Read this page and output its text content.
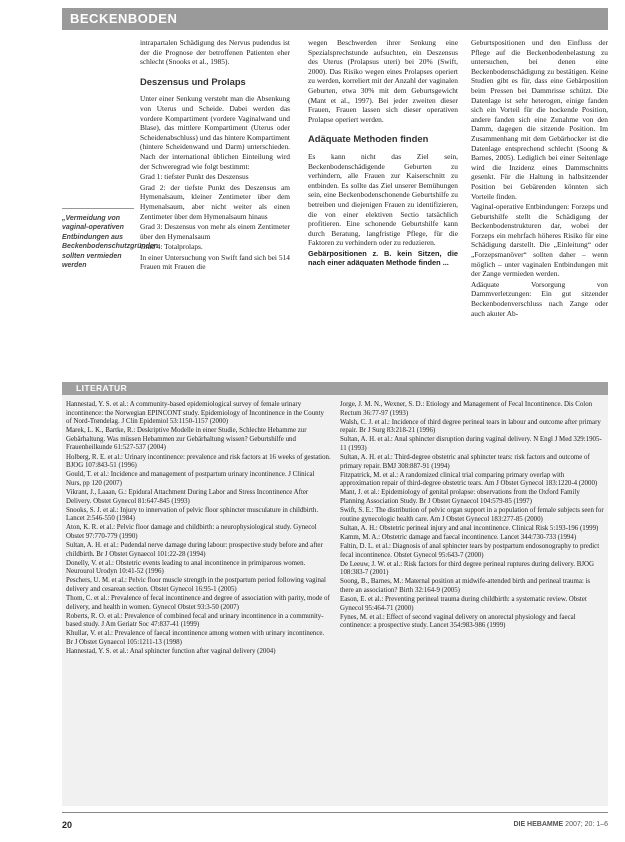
BECKENBODEN
„Vermeidung von vaginal-operativen Entbindungen aus Beckenbodenschutzgründen sollten vermieden werden

intrapartalen Schädigung des Nervus pudendus ist der die Prognose der betroffenen Patienten eher schlecht (Snooks et al., 1985).

Deszensus und Prolaps

Unter einer Senkung versteht man die Absenkung von Uterus und Scheide. Dabei werden das vordere Kompartiment (vordere Vaginalwand und Blase), das mittlere Kompartiment (Uterus oder Scheidenabschluss) und das hintere Kompartiment (hintere Scheidenwand und Darm) unterschieden. Nach der international üblichen Einteilung wird der Schweregrad wie folgt bestimmt:

Grad 1: tiefster Punkt des Deszensus

Grad 2: der tiefste Punkt des Deszensus am Hymenalsaum, kleiner Zentimeter über dem Hymenalsaum, aber nicht weiter als einen Zentimeter über dem Hymenalsaum hinaus

Grad 3: Deszensus von mehr als einem Zentimeter über den Hymenalsaum

Grad 4: Totalprolaps.

In einer Untersuchung von Swift fand sich bei 514 Frauen mit Frauen die

wegen Beschwerden ihrer Senkung eine Spezialsprechstunde aufsuchten, ein Deszensus des Uterus (Prolapsus uteri) bei 20% (Swift, 2000). Das Risiko wegen eines Prolapses operiert zu werden, korreliert mit der Anzahl der vaginalen Geburten, etwa 30% mit dem Geburtsgewicht (Mant et al., 1997). Bei jeder zweiten dieser Frauen, Frauen lassen sich dieser operativen Prolapse operiert werden.

Adäquate Methoden finden

Es kann nicht das Ziel sein, Beckenbodenschädigende Geburten zu verhindern, alle Frauen zur Kaiserschnitt zu entbinden. Es sollte das Ziel unserer Bemühungen sein, eine Beckenbodenschonende Geburtshilfe zu betreiben und diejenigen Frauen zu identifizieren, die von einer elektiven Sectio tatsächlich profitieren. Eine schonende Geburtshilfe kann durch Beratung, langfristige Pflege, für die Faktoren zu verhindern oder zu reduzieren.

Gebärpositionen z. B. kein Sitzen, die nach einer adäquaten Methode finden ...

Geburtspositionen und den Einfluss der Pflege auf die Beckenbodenbelastung zu untersuchen, bei denen eine Beckenbodenschädigung zu bestätigen. Keine Studien gibt es für, dass eine Gebärposition beim Pressen bei Dammrisse schützt. Die Datenlage ist sehr heterogen, einige fanden sich ein Vorteil für die hockende Position, andere fanden sich eine Zunahme von den Damm, dagegen die sitzende Position. Im Zusammenhang mit dem Gebärhocker ist die Datenlage entsprechend schlecht (Soong & Barnes, 2005). Lediglich bei einer Seitenlage wird die Inzidenz eines Dammschnitts gesenkt. Für die Haltung in halbsitzender Position bei Gebärenden könnten sich Vorteile finden.

Vaginal-operative Entbindungen: Forzeps und Geburtshilfe stellt die Schädigung der Beckenbodenstrukturen dar, wobei der Forzeps ein mehrfach höheres Risiko für eine Schädigung darstellt. Die „Einleitung“ oder „Forzepsmanöver“ sollten daher – wenn möglich – unter vaginalen Entbindungen mit der Zange vermieden werden.

Adäquate Vorsorgung von Dammverletzungen: Ein gut sitzender Beckenbodenverschluss nach Zange oder auch akuter Ab-

LITERATUR
Hannestad, Y. S. et al.: A community-based epidemiological survey of female urinary incontinence: the Norwegian EPINCONT study. Epidemiology of Incontinence in the County of Nord-Trøndelag. J Clin Epidemiol 53:1150-1157 (2000)
Marek, L. K., Bartke, R.: Deskriptive Modelle in einer Studie, Schlechte Hebamme zur Gebärhaltung. Was müssen Hebammen zur Gebärhaltung wissen? Geburtshilfe und Frauenheilkunde 61:527-537 (2004)
Holberg, R. E. et al.: Urinary incontinence: prevalence and risk factors at 16 weeks of gestation. BJOG 107:843-51 (1996)
Gould, T. et al.: Incidence and management of postpartum urinary incontinence. J Clinical Nurs, pp 120 (2007)
Vikrant, J., Laaan, G.: Epidural Attachment During Labor and Stress Incontinence After Delivery. Obstet Gynecol 81:647-845 (1993)
Snooks, S. J. et al.: Injury to innervation of pelvic floor sphincter musculature in childbirth. Lancet 2:546-550 (1984)
Aton, K. R. et al.: Pelvic floor damage and childbirth: a neurophysiological study. Gynecol Obstet 97:770-779 (1990)
Sultan, A. H. et al.: Pudendal nerve damage during labour: prospective study before and after childbirth. Br J Obstet Gynaecol 101:22-28 (1994)
Donelly, V. et al.: Obstetric events leading to anal incontinence in primiparous women. Neurourol Urodyn 10:41-52 (1996)
Peschers, U. M. et al.: Pelvic floor muscle strength in the postpartum period following vaginal delivery and cesarean section. Obstet Gynecol 16:95-1 (2005)
Thom, C. et al.: Prevalence of fecal incontinence and degree of association with parity, mode of delivery, and health in women. Gynecol Obstet 93:3-50 (2007)
Roberts, R. O. et al.: Prevalence of combined fecal and urinary incontinence in a community-based study. J Am Geriatr Soc 47:837-41 (1999)
Khullar, V. et al.: Prevalence of faecal incontinence among women with urinary incontinence. Br J Obstet Gynaecol 105:1211-13 (1998)
Hannestad, Y. S. et al.: Anal sphincter function after vaginal delivery (2004)
Jorge, J. M. N., Wexner, S. D.: Etiology and Management of Fecal Incontinence. Dis Colon Rectum 36:77-97 (1993)
Walsh, C. J. et al.: Incidence of third degree perineal tears in labour and outcome after primary repair. Br J Surg 83:218-21 (1996)
Sultan, A. H. et al.: Anal sphincter disruption during vaginal delivery. N Engl J Med 329:1905-11 (1993)
Sultan, A. H. et al.: Third-degree obstetric anal sphincter tears: risk factors and outcome of primary repair. BMJ 308:887-91 (1994)
Fitzpatrick, M. et al.: A randomized clinical trial comparing primary overlap with approximation repair of third-degree obstetric tears. Am J Obstet Gynecol 183:1220-4 (2000)
Mant, J. et al.: Epidemiology of genital prolapse: observations from the Oxford Family Planning Association Study. Br J Obstet Gynaecol 104:579-85 (1997)
Swift, S. E.: The distribution of pelvic organ support in a population of female subjects seen for routine gynecologic health care. Am J Obstet Gynecol 183:277-85 (2000)
Sultan, A. H.: Obstetric perineal injury and anal incontinence. Clinical Risk 5:193-196 (1999)
Kamm, M. A.: Obstetric damage and faecal incontinence. Lancet 344:730-733 (1994)
Faltin, D. L. et al.: Diagnosis of anal sphincter tears by postpartum endosonography to predict fecal incontinence. Obstet Gynecol 95:643-7 (2000)
De Leeuw, J. W. et al.: Risk factors for third degree perineal ruptures during delivery. BJOG 108:383-7 (2001)
Soong, B., Barnes, M.: Maternal position at midwife-attended birth and perineal trauma: is there an association? Birth 32:164-9 (2005)
Eason, E. et al.: Preventing perineal trauma during childbirth: a systematic review. Obstet Gynecol 95:464-71 (2000)
Fynes, M. et al.: Effect of second vaginal delivery on anorectal physiology and faecal continence: a prospective study. Lancet 354:983-986 (1999)
20	DIE HEBAMME 2007; 20: 1–6
